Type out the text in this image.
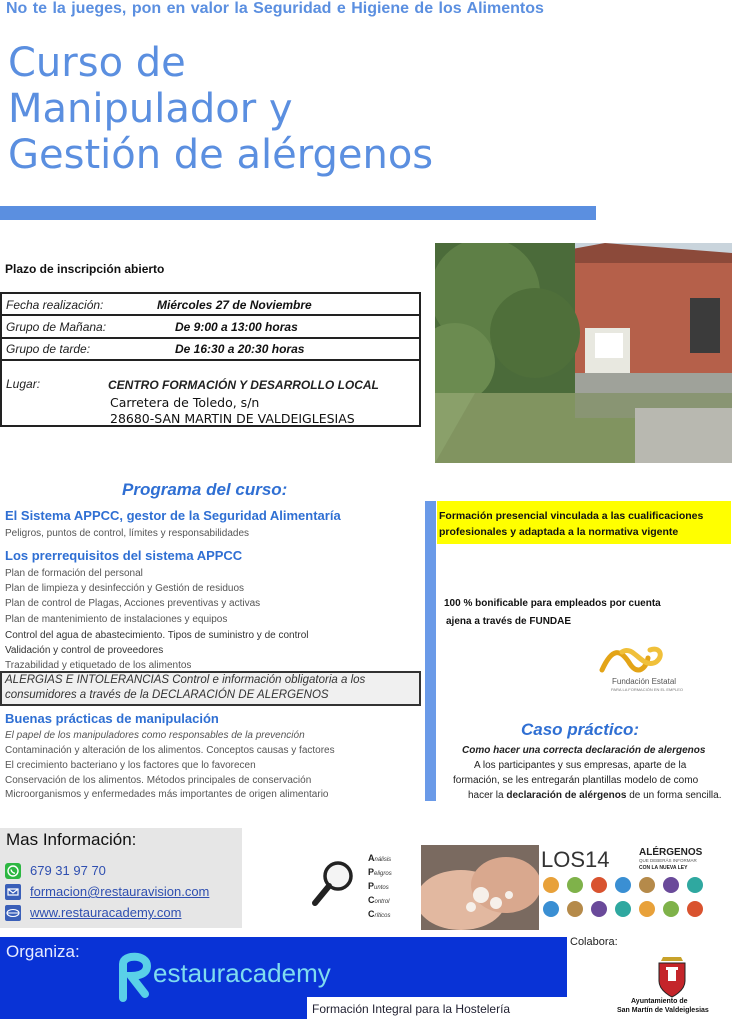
No te la jueges, pon en valor la Seguridad e Higiene de los Alimentos
Curso de
Manipulador y
Gestión de alérgenos
Plazo de inscripción abierto
Fecha realización:	Miércoles 27 de Noviembre
Grupo de Mañana:	De 9:00 a 13:00 horas
Grupo de tarde:	De 16:30 a 20:30 horas
Lugar:	CENTRO FORMACIÓN Y DESARROLLO LOCAL
Carretera de Toledo, s/n
28680-SAN MARTIN DE VALDEIGLESIAS
Programa del curso:
El Sistema APPCC, gestor de la Seguridad Alimentaría
Peligros, puntos de control, límites y responsabilidades
Los prerrequisitos del sistema APPCC
Plan de formación del personal
Plan de limpieza y desinfección y Gestión de residuos
Plan de control de Plagas, Acciones preventivas y activas
Plan de mantenimiento de instalaciones y equipos
Control del agua de abastecimiento. Tipos de suministro y de control
Validación y control de proveedores
Trazabilidad y etiquetado de los alimentos
ALERGIAS E INTOLERANCIAS Control e información obligatoria a los
consumidores a través de la DECLARACIÓN DE ALERGENOS
Buenas prácticas de manipulación
El papel de los manipuladores como responsables de la prevención
Contaminación y alteración de los alimentos. Conceptos causas y factores
El crecimiento bacteriano y los factores que lo favorecen
Conservación de los alimentos. Métodos principales de conservación
Microorganismos y enfermedades más importantes de origen alimentario
Formación presencial vinculada a las cualificaciones
profesionales y adaptada a la normativa vigente
100 % bonificable para empleados por cuenta
ajena a través de FUNDAE
Fundación Estatal
PARA LA FORMACIÓN EN EL EMPLEO
Caso práctico:
Como hacer una correcta declaración de alergenos
A los participantes y sus empresas, aparte de la
formación, se les entregarán plantillas modelo de como
hacer la declaración de alérgenos de un forma sencilla.
Mas Información:
679 31 97 70
formacion@restauravision.com
www.restauracademy.com
Análisis
Peligros
Puntos
Control
Críticos
LOS14	ALÉRGENOS
QUE DEBERÁS INFORMAR
CON LA NUEVA LEY
Organiza:
estauracademy
Formación Integral para la Hostelería
Colabora:
Ayuntamiento de
San Martín de Valdeiglesias
